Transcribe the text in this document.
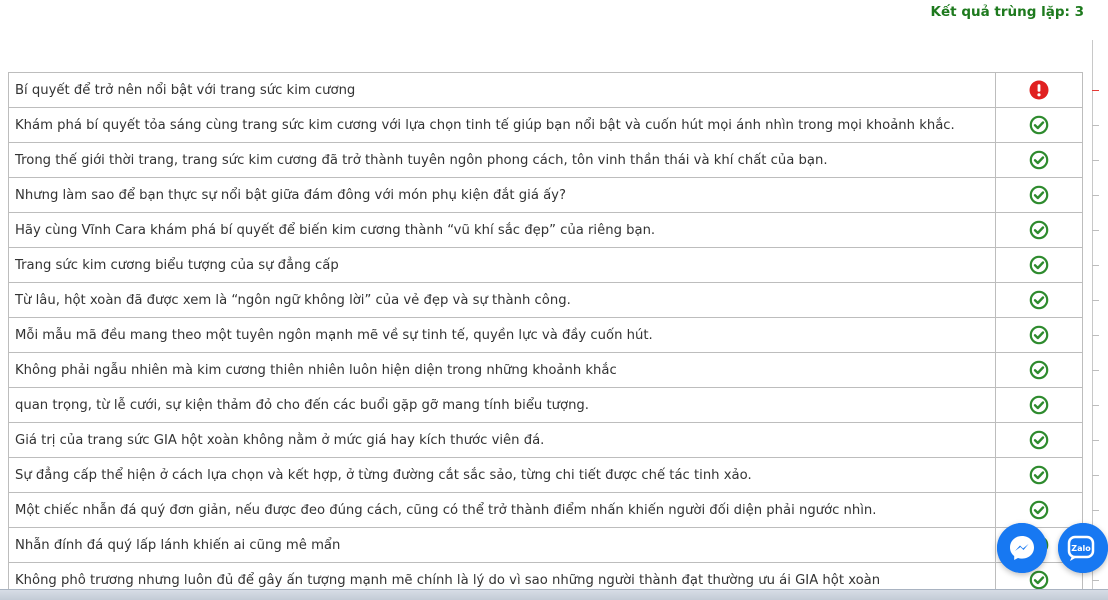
Kết quả trùng lặp: 3
Bí quyết để trở nên nổi bật với trang sức kim cương	
Khám phá bí quyết tỏa sáng cùng trang sức kim cương với lựa chọn tinh tế giúp bạn nổi bật và cuốn hút mọi ánh nhìn trong mọi khoảnh khắc.	
Trong thế giới thời trang, trang sức kim cương đã trở thành tuyên ngôn phong cách, tôn vinh thần thái và khí chất của bạn.	
Nhưng làm sao để bạn thực sự nổi bật giữa đám đông với món phụ kiện đắt giá ấy?	
Hãy cùng Vĩnh Cara khám phá bí quyết để biến kim cương thành “vũ khí sắc đẹp” của riêng bạn.	
Trang sức kim cương biểu tượng của sự đẳng cấp	
Từ lâu, hột xoàn đã được xem là “ngôn ngữ không lời” của vẻ đẹp và sự thành công.	
Mỗi mẫu mã đều mang theo một tuyên ngôn mạnh mẽ về sự tinh tế, quyền lực và đầy cuốn hút.	
Không phải ngẫu nhiên mà kim cương thiên nhiên luôn hiện diện trong những khoảnh khắc	
quan trọng, từ lễ cưới, sự kiện thảm đỏ cho đến các buổi gặp gỡ mang tính biểu tượng.	
Giá trị của trang sức GIA hột xoàn không nằm ở mức giá hay kích thước viên đá.	
Sự đẳng cấp thể hiện ở cách lựa chọn và kết hợp, ở từng đường cắt sắc sảo, từng chi tiết được chế tác tinh xảo.	
Một chiếc nhẫn đá quý đơn giản, nếu được đeo đúng cách, cũng có thể trở thành điểm nhấn khiến người đối diện phải ngước nhìn.	
Nhẫn đính đá quý lấp lánh khiến ai cũng mê mẩn	
Không phô trương nhưng luôn đủ để gây ấn tượng mạnh mẽ chính là lý do vì sao những người thành đạt thường ưu ái GIA hột xoàn	
Zalo
